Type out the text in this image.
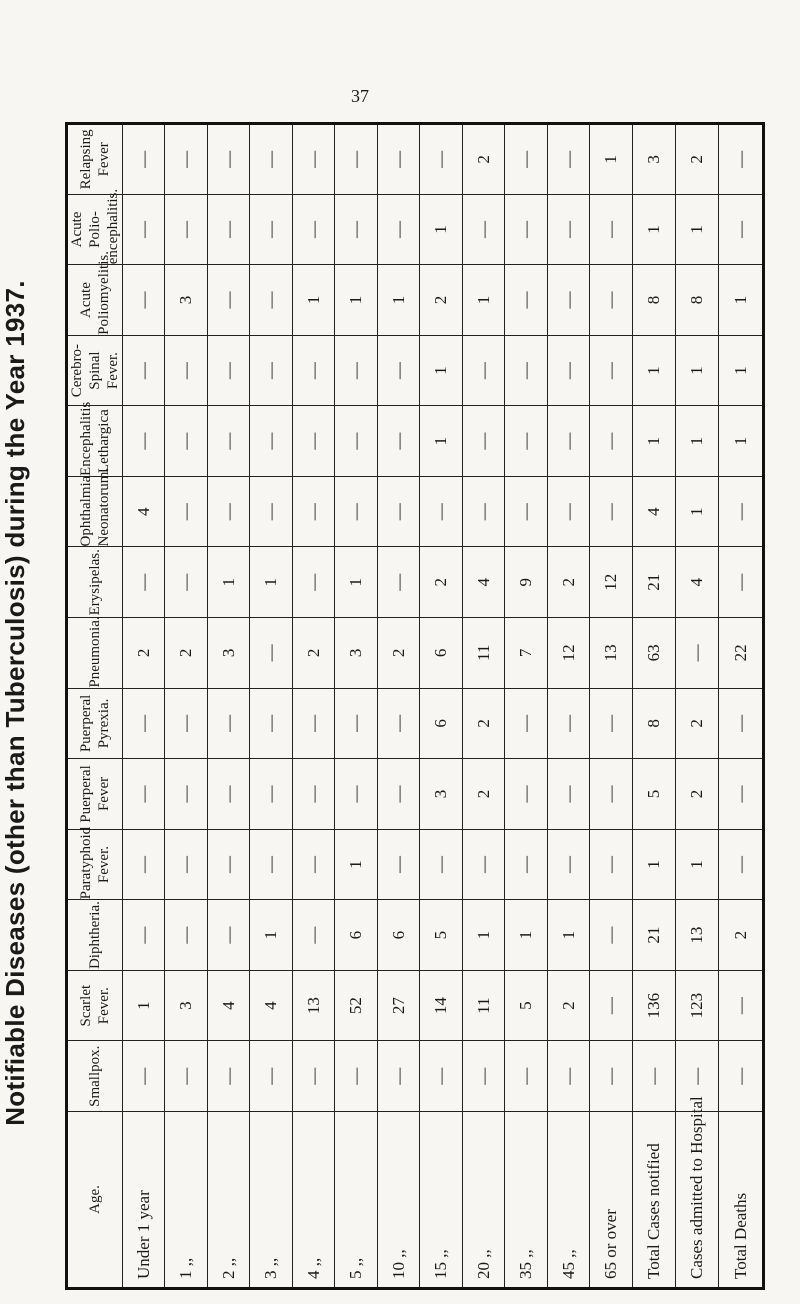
37
Notifiable Diseases (other than Tuberculosis) during the Year 1937.
Age.	Smallpox.	Scarlet Fever.	Diphtheria.	Paratyphoid Fever.	Puerperal Fever	Puerperal Pyrexia.	Pneumonia.	Erysipelas.	Ophthalmia Neonatorum.	Encephalitis Lethargica	Cerebro-Spinal Fever.	Acute Poliomyelitis.	Acute Polio-encephalitis.	Relapsing Fever
Under 1 year	—	1	—	—	—	—	2	—	4	—	—	—	—	—
1 ,,	—	3	—	—	—	—	2	—	—	—	—	3	—	—
2 ,,	—	4	—	—	—	—	3	1	—	—	—	—	—	—
3 ,,	—	4	1	—	—	—	—	1	—	—	—	—	—	—
4 ,,	—	13	—	—	—	—	2	—	—	—	—	1	—	—
5 ,,	—	52	6	1	—	—	3	1	—	—	—	1	—	—
10 ,,	—	27	6	—	—	—	2	—	—	—	—	1	—	—
15 ,,	—	14	5	—	3	6	6	2	—	1	1	2	1	—
20 ,,	—	11	1	—	2	2	11	4	—	—	—	1	—	2
35 ,,	—	5	1	—	—	—	7	9	—	—	—	—	—	—
45 ,,	—	2	1	—	—	—	12	2	—	—	—	—	—	—
65 or over	—	—	—	—	—	—	13	12	—	—	—	—	—	1
Total Cases notified	—	136	21	1	5	8	63	21	4	1	1	8	1	3
Cases admitted to Hospital	—	123	13	1	2	2	—	4	1	1	1	8	1	2
Total Deaths	—	—	2	—	—	—	22	—	—	1	1	1	—	—
